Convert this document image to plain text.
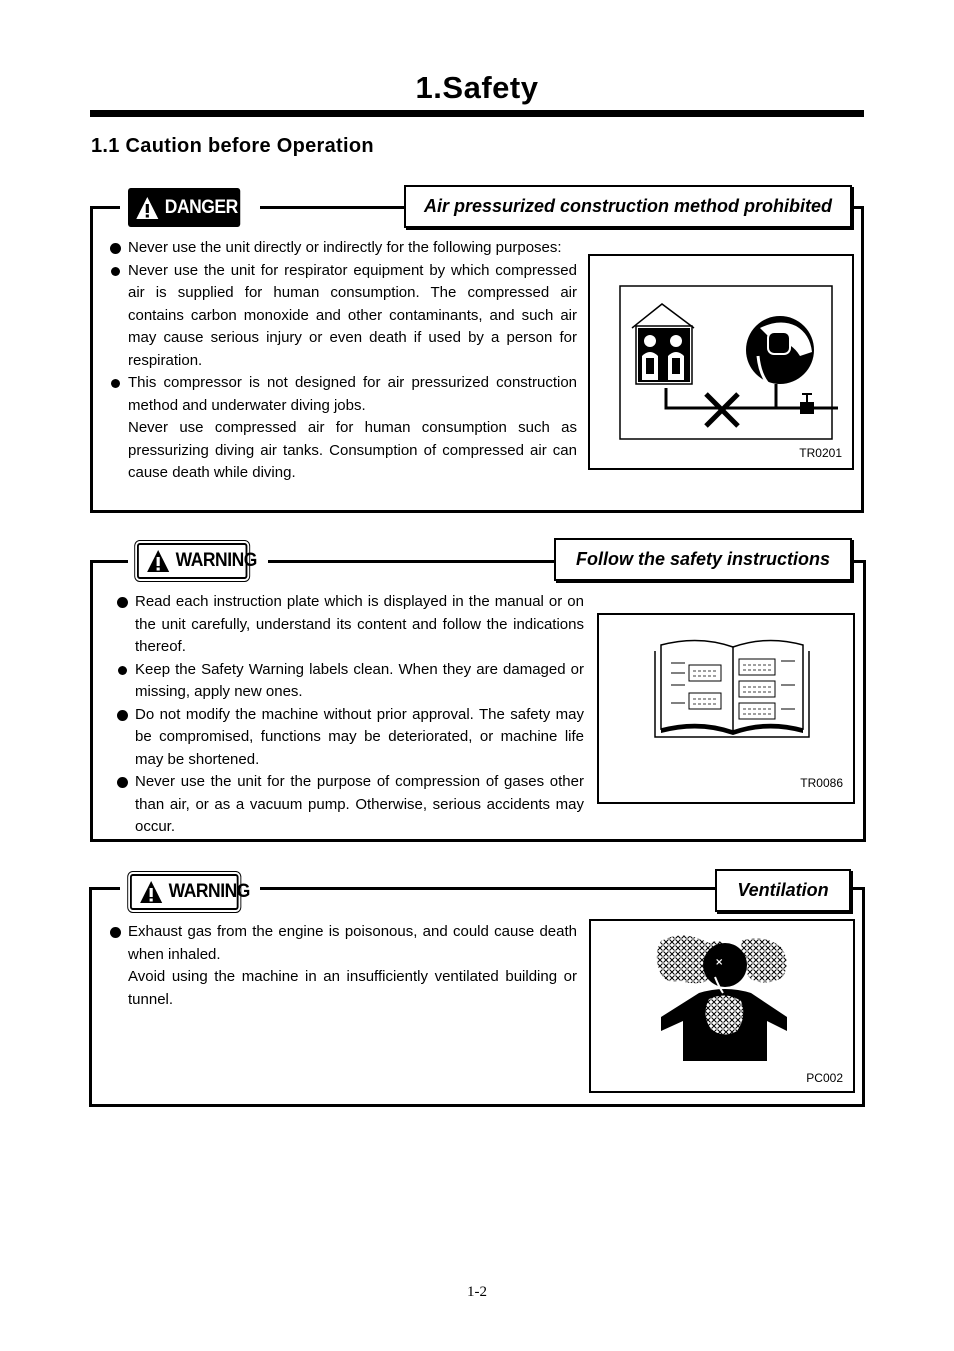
1.Safety
1.1 Caution before Operation
DANGER	Air pressurized construction method prohibited

Never use the unit directly or indirectly for the following purposes:

Never use the unit for respirator equipment by which compressed air is supplied for human consumption. The compressed air contains carbon monoxide and other contaminants, and such air may cause serious injury or even death if used by a person for respiration.

This compressor is not designed for air pressurized construction method and underwater diving jobs.

Never use compressed air for human consumption such as pressurizing diving air tanks. Consumption of compressed air can cause death while diving.

TR0201
WARNING	Follow the safety instructions

Read each instruction plate which is displayed in the manual or on the unit carefully, understand its content and follow the indications thereof.

Keep the Safety Warning labels clean. When they are damaged or missing, apply new ones.

Do not modify the machine without prior approval. The safety may be compromised, functions may be deteriorated, or machine life may be shortened.

Never use the unit for the purpose of compression of gases other than air, or as a vacuum pump. Otherwise, serious accidents may occur.

TR0086
WARNING	Ventilation

Exhaust gas from the engine is poisonous, and could cause death when inhaled.

Avoid using the machine in an insufficiently ventilated building or tunnel.

×
PC002
1-2
